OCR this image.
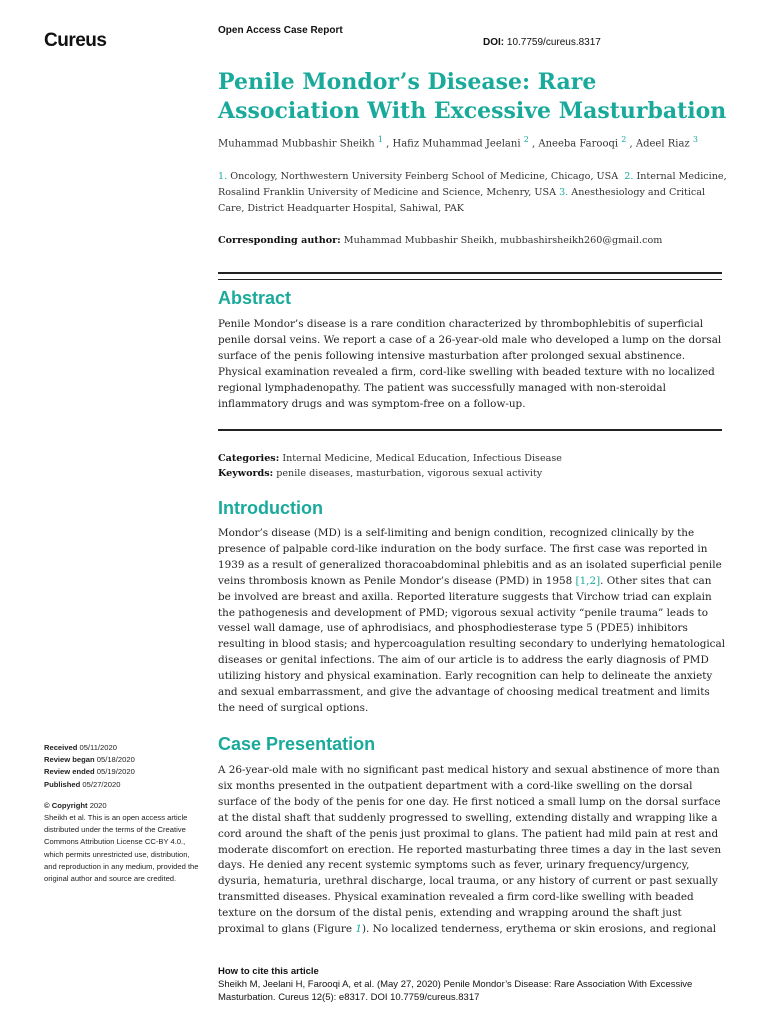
Cureus	Open Access Case Report
DOI: 10.7759/cureus.8317
Penile Mondor’s Disease: Rare Association With Excessive Masturbation
Muhammad Mubbashir Sheikh $^1$ , Hafiz Muhammad Jeelani $^2$ , Aneeba Farooqi $^2$ , Adeel Riaz $^3$
1. Oncology, Northwestern University Feinberg School of Medicine, Chicago, USA 2. Internal Medicine, Rosalind Franklin University of Medicine and Science, Mchenry, USA 3. Anesthesiology and Critical Care, District Headquarter Hospital, Sahiwal, PAK
Corresponding author: Muhammad Mubbashir Sheikh, mubbashirsheikh260@gmail.com
Abstract

Penile Mondor’s disease is a rare condition characterized by thrombophlebitis of superficial penile dorsal veins. We report a case of a 26-year-old male who developed a lump on the dorsal surface of the penis following intensive masturbation after prolonged sexual abstinence. Physical examination revealed a firm, cord-like swelling with beaded texture with no localized regional lymphadenopathy. The patient was successfully managed with non-steroidal inflammatory drugs and was symptom-free on a follow-up.

Categories: Internal Medicine, Medical Education, Infectious Disease
Keywords: penile diseases, masturbation, vigorous sexual activity
Introduction

Mondor’s disease (MD) is a self-limiting and benign condition, recognized clinically by the presence of palpable cord-like induration on the body surface. The first case was reported in 1939 as a result of generalized thoracoabdominal phlebitis and as an isolated superficial penile veins thrombosis known as Penile Mondor’s disease (PMD) in 1958 [1,2]. Other sites that can be involved are breast and axilla. Reported literature suggests that Virchow triad can explain the pathogenesis and development of PMD; vigorous sexual activity “penile trauma” leads to vessel wall damage, use of aphrodisiacs, and phosphodiesterase type 5 (PDE5) inhibitors resulting in blood stasis; and hypercoagulation resulting secondary to underlying hematological diseases or genital infections. The aim of our article is to address the early diagnosis of PMD utilizing history and physical examination. Early recognition can help to delineate the anxiety and sexual embarrassment, and give the advantage of choosing medical treatment and limits the need of surgical options.

Case Presentation

A 26-year-old male with no significant past medical history and sexual abstinence of more than six months presented in the outpatient department with a cord-like swelling on the dorsal surface of the body of the penis for one day. He first noticed a small lump on the dorsal surface at the distal shaft that suddenly progressed to swelling, extending distally and wrapping like a cord around the shaft of the penis just proximal to glans. The patient had mild pain at rest and moderate discomfort on erection. He reported masturbating three times a day in the last seven days. He denied any recent systemic symptoms such as fever, urinary frequency/urgency, dysuria, hematuria, urethral discharge, local trauma, or any history of current or past sexually transmitted diseases. Physical examination revealed a firm cord-like swelling with beaded texture on the dorsum of the distal penis, extending and wrapping around the shaft just proximal to glans (Figure 1). No localized tenderness, erythema or skin erosions, and regional

Received 05/11/2020

Review began 05/18/2020

Review ended 05/19/2020

Published 05/27/2020

© Copyright 2020

Sheikh et al. This is an open access article distributed under the terms of the Creative Commons Attribution License CC-BY 4.0., which permits unrestricted use, distribution, and reproduction in any medium, provided the original author and source are credited.

How to cite this article
Sheikh M, Jeelani H, Farooqi A, et al. (May 27, 2020) Penile Mondor’s Disease: Rare Association With Excessive Masturbation. Cureus 12(5): e8317. DOI 10.7759/cureus.8317
